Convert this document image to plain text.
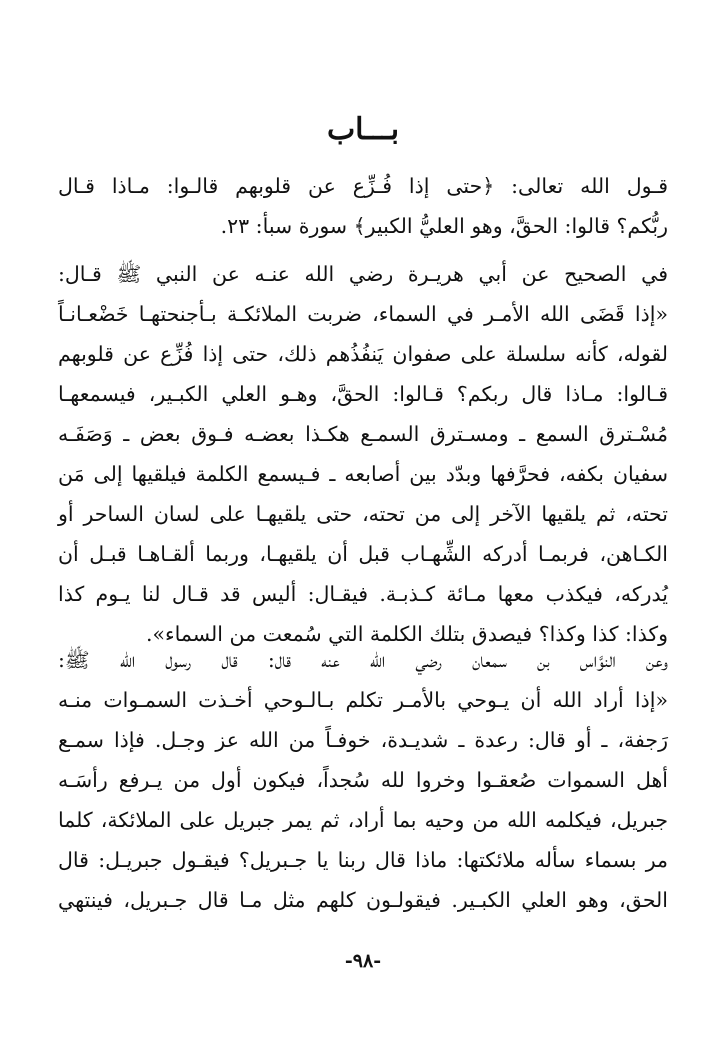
بـــاب
قـول الله تعالى: ﴿حتى إذا فُـزِّع عن قلوبهم قالـوا: مـاذا قـال
ربُّكم؟ قالوا: الحقَّ، وهو العليُّ الكبير﴾ سورة سبأ: ٢٣.
في الصحيح عن أبي هريـرة رضي الله عنـه عن النبي ﷺ قـال:
«إذا قَضَى الله الأمـر في السماء، ضربت الملائكـة بـأجنحتهـا خَضْعـانـاً
لقوله، كأنه سلسلة على صفوان يَنفُذُهم ذلك، حتى إذا فُزِّع عن قلوبهم
قـالوا: مـاذا قال ربكم؟ قـالوا: الحقَّ، وهـو العلي الكبـير، فيسمعهـا
مُسْـترق السمع ـ ومسـترق السمـع هكـذا بعضـه فـوق بعض ـ وَصَفَـه
سفيان بكفه، فحرَّفها وبدّد بين أصابعه ـ فـيسمع الكلمة فيلقيها إلى مَن
تحته، ثم يلقيها الآخر إلى من تحته، حتى يلقيهـا على لسان الساحر أو
الكـاهن، فربمـا أدركه الشِّهـاب قبل أن يلقيهـا، وربما ألقـاهـا قبـل أن
يُدركه، فيكذب معها مـائة كـذبـة. فيقـال: أليس قد قـال لنا يـوم كذا
وكذا: كذا وكذا؟ فيصدق بتلك الكلمة التي سُمعت من السماء».
وعن النوَّاس بن سمعان رضي الله عنه قال: قال رسول الله ﷺ:
«إذا أراد الله أن يـوحي بالأمـر تكلم بـالـوحي أخـذت السمـوات منـه
رَجفة، ـ أو قال: رعدة ـ شديـدة، خوفـاً من الله عز وجـل. فإذا سمـع
أهل السموات صُعقـوا وخروا لله سُجداً، فيكون أول من يـرفع رأسَـه
جبريل، فيكلمه الله من وحيه بما أراد، ثم يمر جبريل على الملائكة، كلما
مر بسماء سأله ملائكتها: ماذا قال ربنا يا جـبريل؟ فيقـول جبريـل: قال
الحق، وهو العلي الكبـير. فيقولـون كلهم مثل مـا قال جـبريل، فينتهي
-٩٨-
